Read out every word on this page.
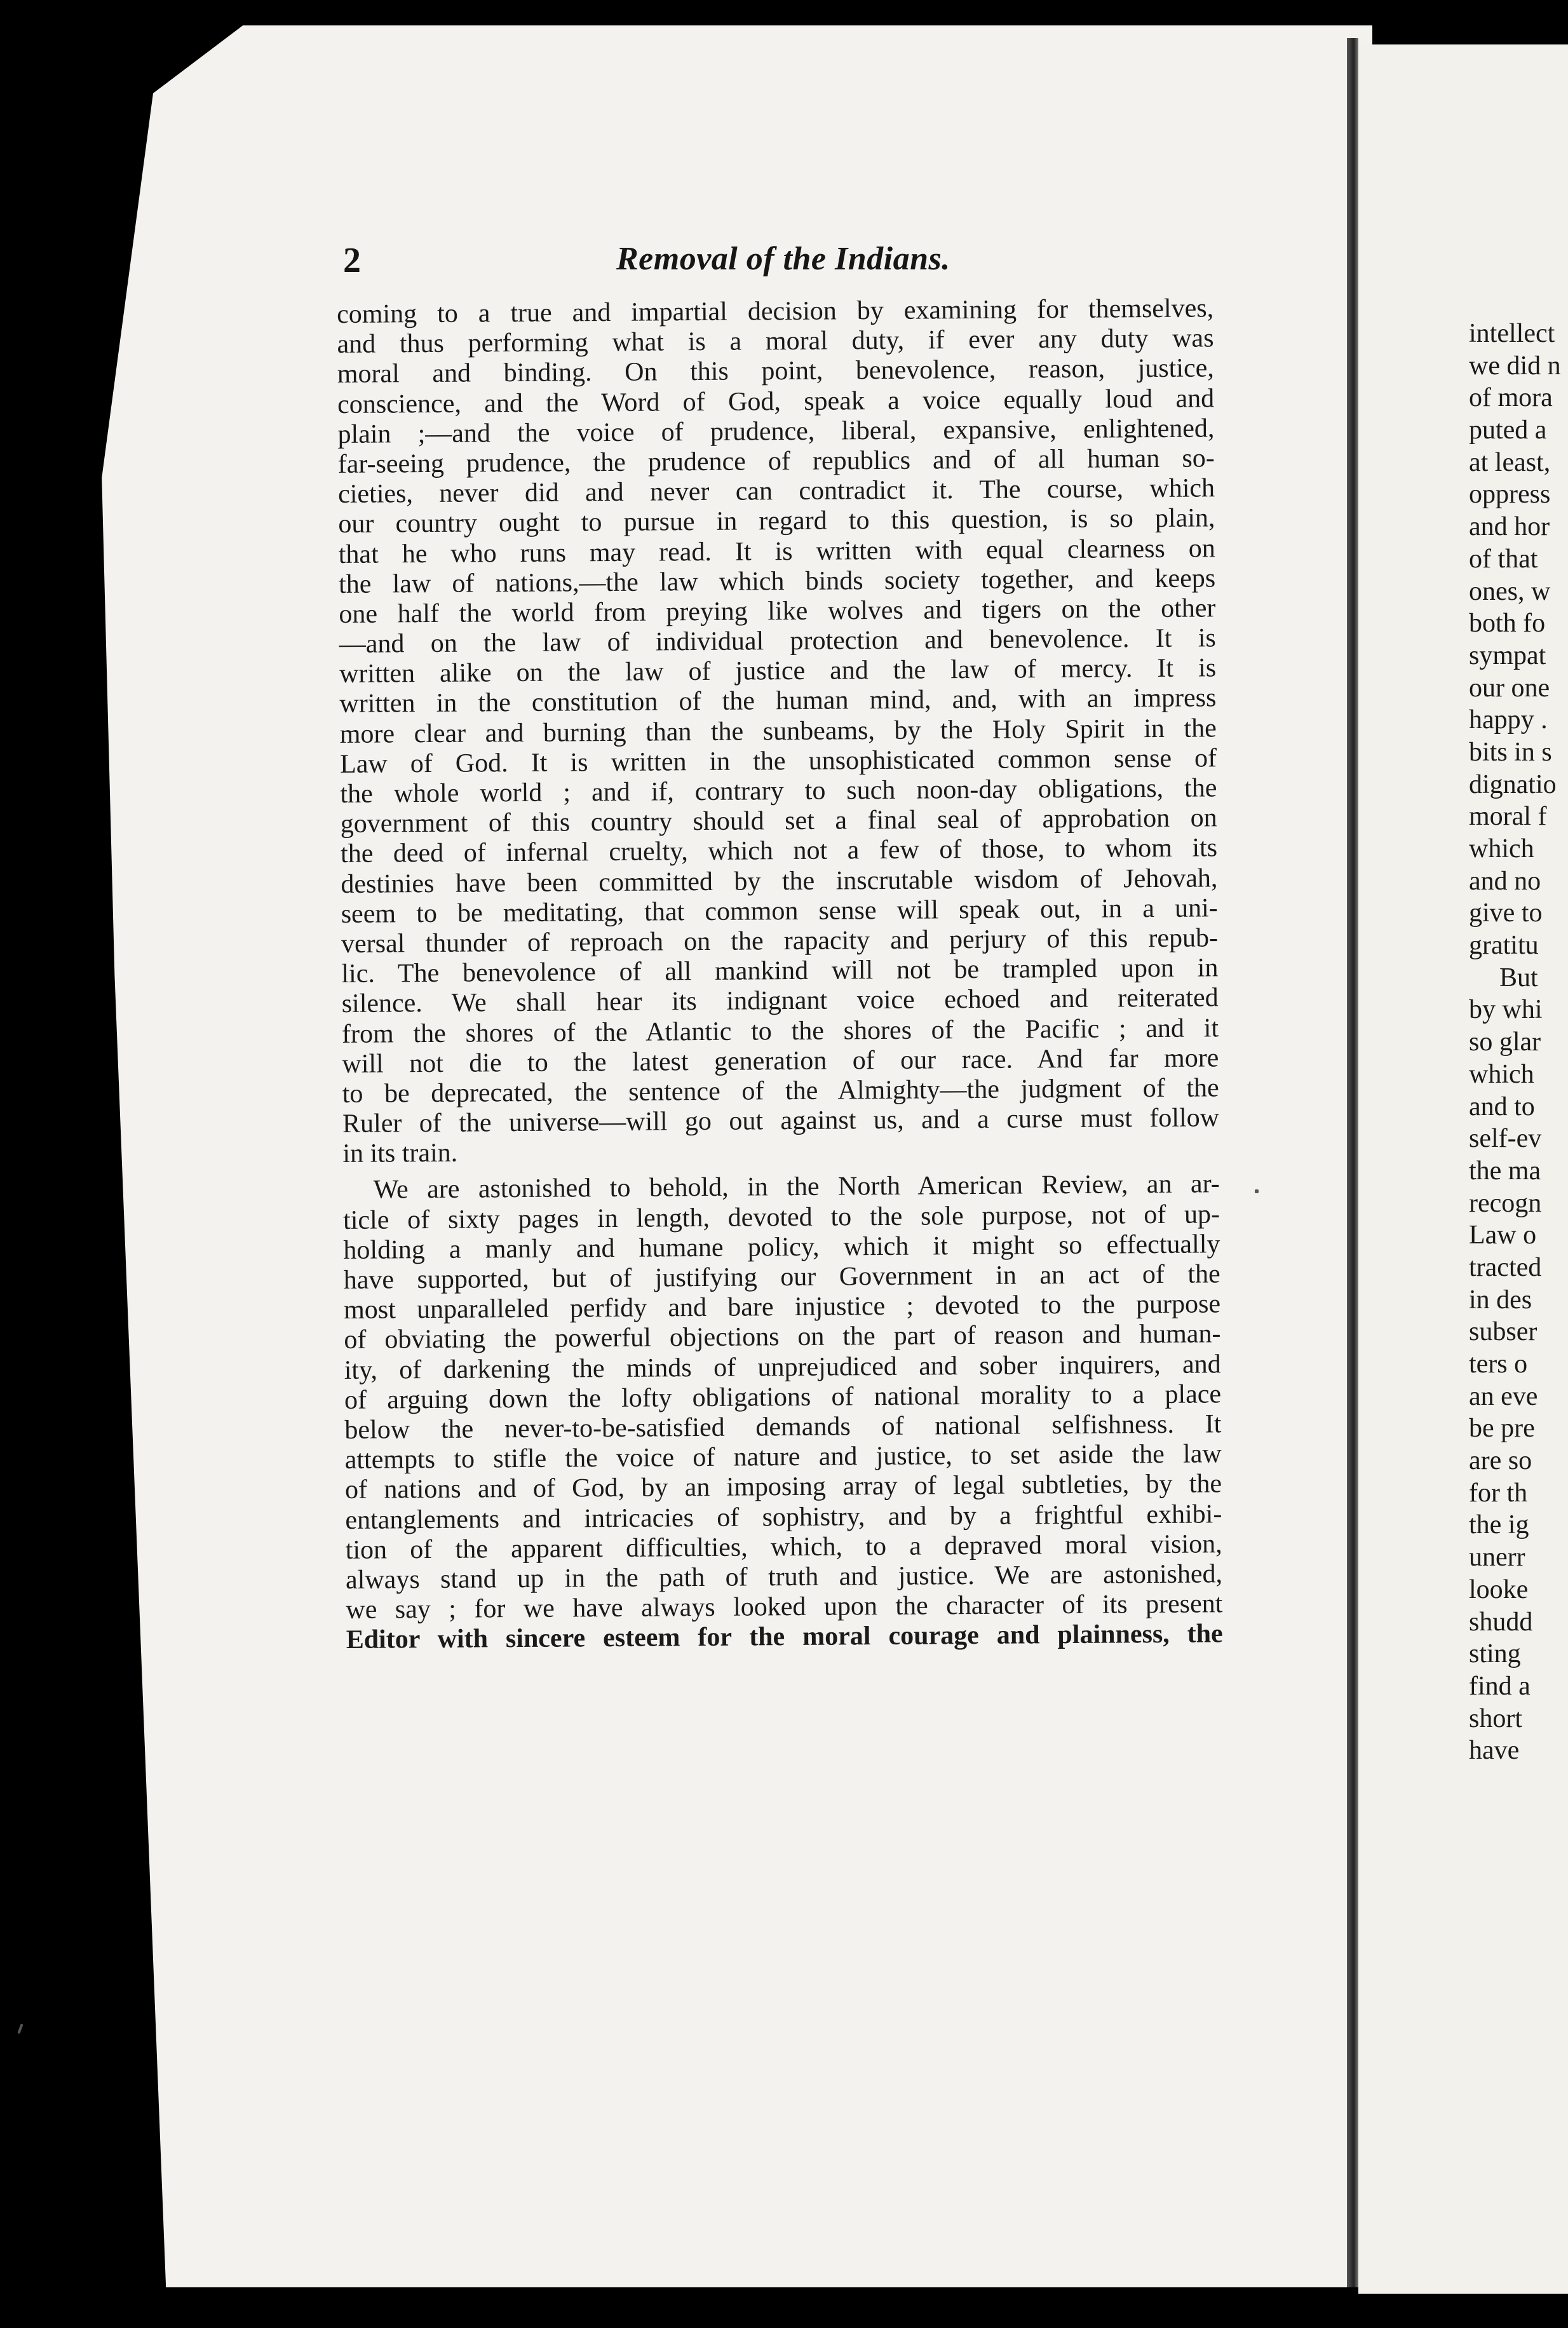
2	Removal of the Indians.
coming to a true and impartial decision by examining for themselves,
and thus performing what is a moral duty, if ever any duty was
moral and binding. On this point, benevolence, reason, justice,
conscience, and the Word of God, speak a voice equally loud and
plain ;—and the voice of prudence, liberal, expansive, enlightened,
far-seeing prudence, the prudence of republics and of all human so-
cieties, never did and never can contradict it. The course, which
our country ought to pursue in regard to this question, is so plain,
that he who runs may read. It is written with equal clearness on
the law of nations,—the law which binds society together, and keeps
one half the world from preying like wolves and tigers on the other
—and on the law of individual protection and benevolence. It is
written alike on the law of justice and the law of mercy. It is
written in the constitution of the human mind, and, with an impress
more clear and burning than the sunbeams, by the Holy Spirit in the
Law of God. It is written in the unsophisticated common sense of
the whole world ; and if, contrary to such noon-day obligations, the
government of this country should set a final seal of approbation on
the deed of infernal cruelty, which not a few of those, to whom its
destinies have been committed by the inscrutable wisdom of Jehovah,
seem to be meditating, that common sense will speak out, in a uni-
versal thunder of reproach on the rapacity and perjury of this repub-
lic. The benevolence of all mankind will not be trampled upon in
silence. We shall hear its indignant voice echoed and reiterated
from the shores of the Atlantic to the shores of the Pacific ; and it
will not die to the latest generation of our race. And far more
to be deprecated, the sentence of the Almighty—the judgment of the
Ruler of the universe—will go out against us, and a curse must follow
in its train.
We are astonished to behold, in the North American Review, an ar-
ticle of sixty pages in length, devoted to the sole purpose, not of up-
holding a manly and humane policy, which it might so effectually
have supported, but of justifying our Government in an act of the
most unparalleled perfidy and bare injustice ; devoted to the purpose
of obviating the powerful objections on the part of reason and human-
ity, of darkening the minds of unprejudiced and sober inquirers, and
of arguing down the lofty obligations of national morality to a place
below the never-to-be-satisfied demands of national selfishness. It
attempts to stifle the voice of nature and justice, to set aside the law
of nations and of God, by an imposing array of legal subtleties, by the
entanglements and intricacies of sophistry, and by a frightful exhibi-
tion of the apparent difficulties, which, to a depraved moral vision,
always stand up in the path of truth and justice. We are astonished,
we say ; for we have always looked upon the character of its present
Editor with sincere esteem for the moral courage and plainness, the
intellect
we did n
of mora
puted a
at least,
oppress
and hor
of that
ones, w
both fo
sympat
our one
happy .
bits in s
dignatio
moral f
which
and no
give to
gratitu
But
by whi
so glar
which
and to
self-ev
the ma
recogn
Law o
tracted
in des
subser
ters o
an eve
be pre
are so
for th
the ig
unerr
looke
shudd
sting
find a
short
have
